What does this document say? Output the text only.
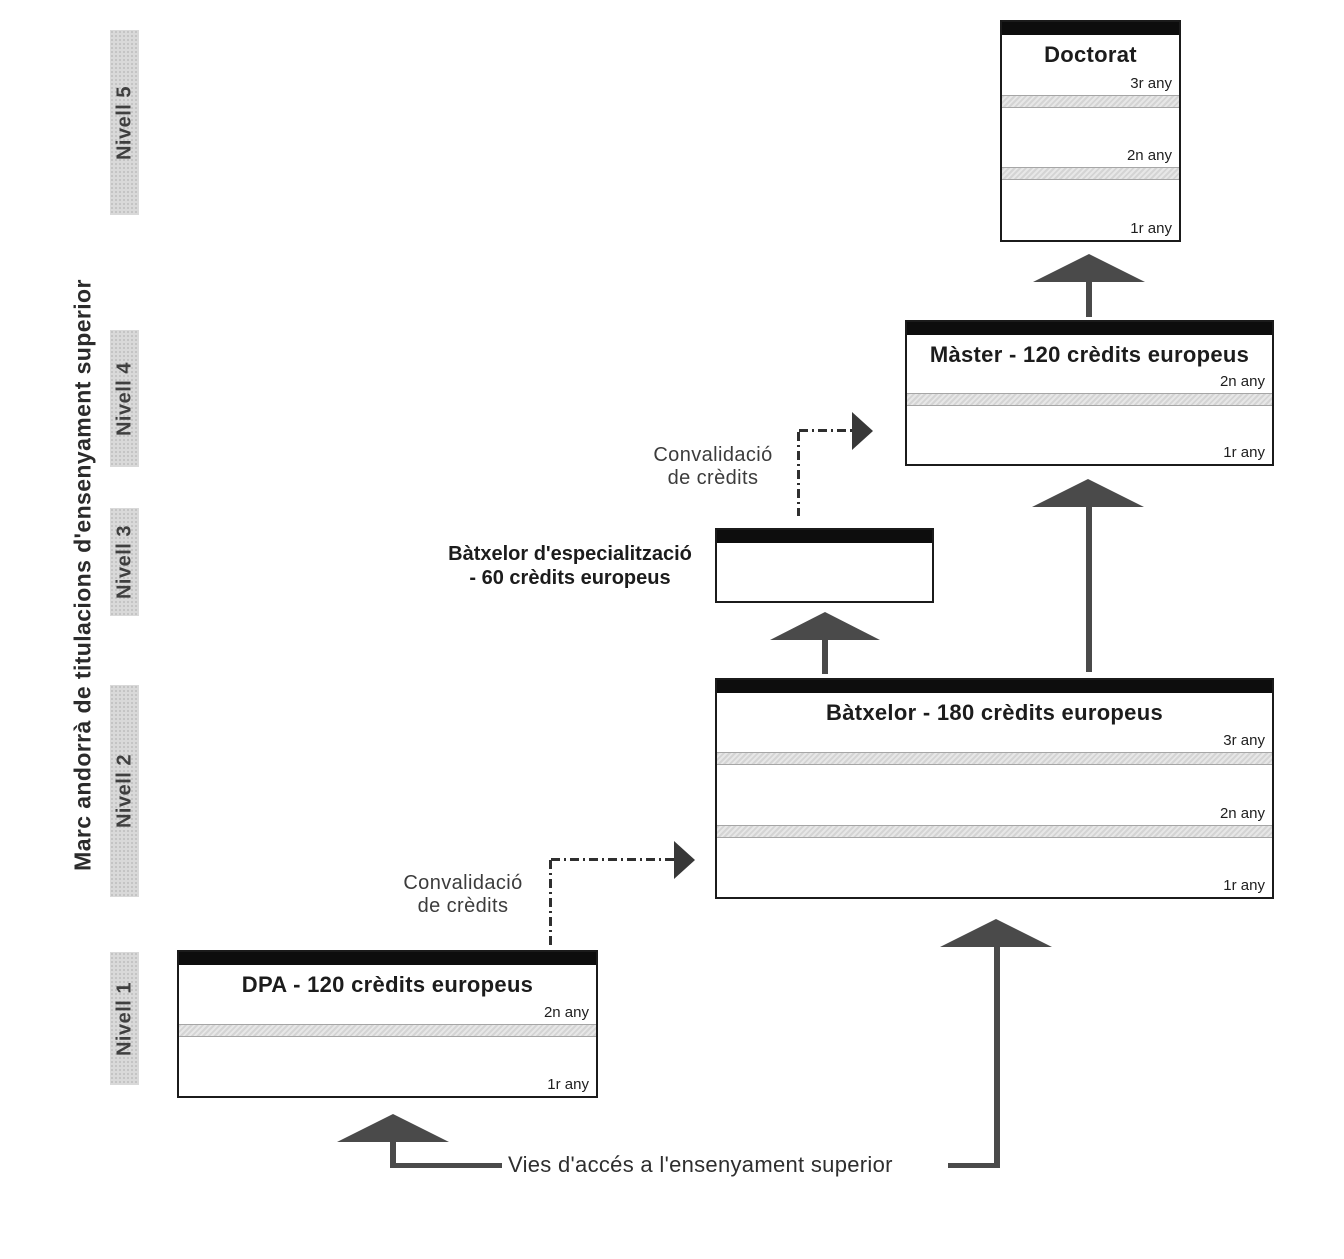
Marc andorrà de titulacions d'ensenyament superior
Nivell 5
Nivell 4
Nivell 3
Nivell 2
Nivell 1
Doctorat
3r any
2n any
1r any
Màster - 120 crèdits europeus
2n any
1r any
Bàtxelor d'especialització
- 60 crèdits europeus
Bàtxelor - 180 crèdits europeus
3r any
2n any
1r any
DPA - 120 crèdits europeus
2n any
1r any
Vies d'accés a l'ensenyament superior
Convalidació
de crèdits
Convalidació
de crèdits
